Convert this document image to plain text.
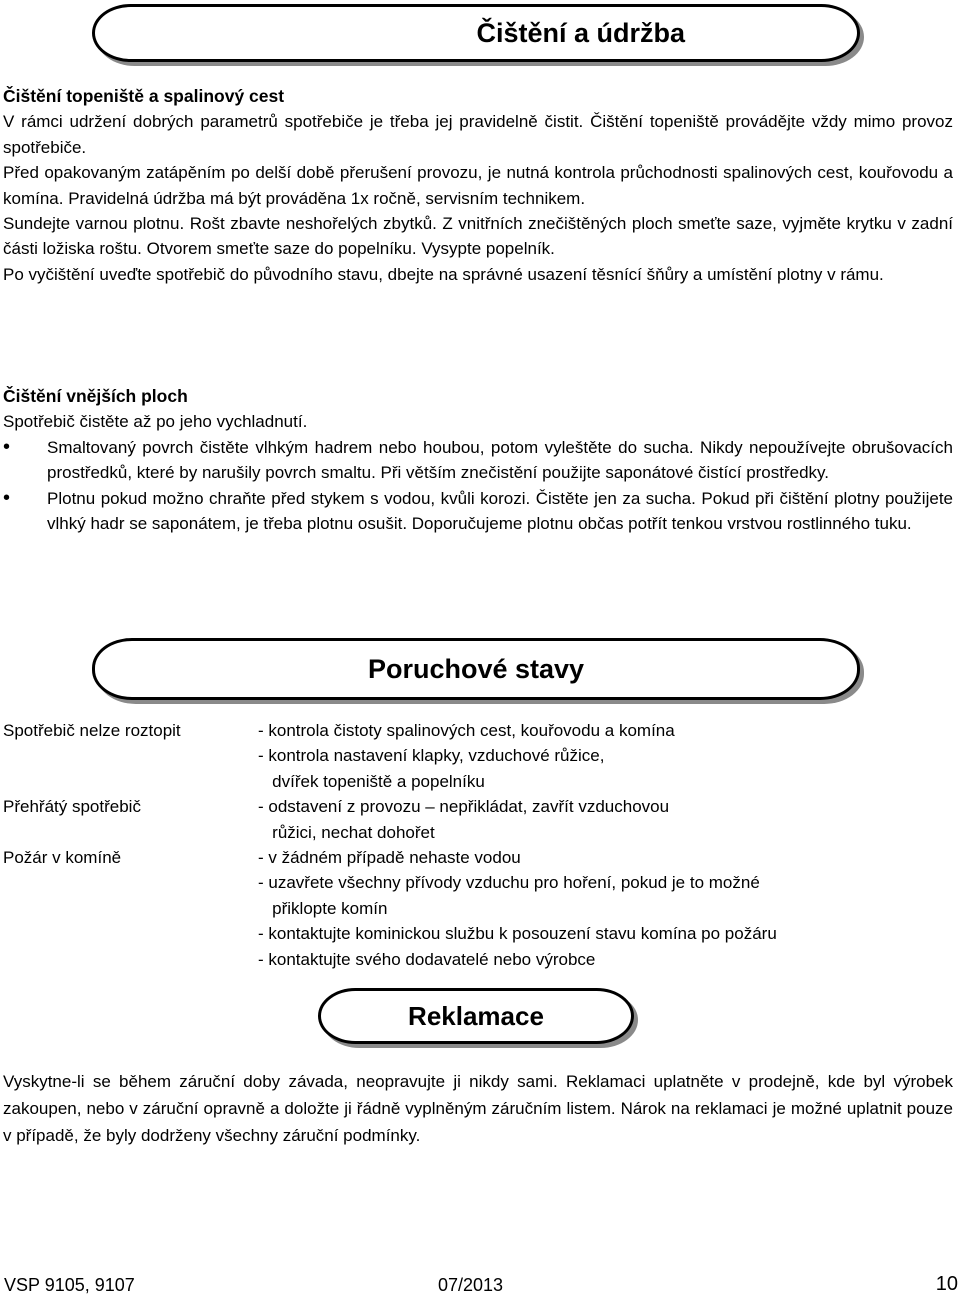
Čištění a údržba
Čištění topeniště a spalinový cest

V rámci udržení dobrých parametrů spotřebiče je třeba jej pravidelně čistit. Čištění topeniště provádějte vždy mimo provoz spotřebiče.

Před opakovaným zatápěním po delší době přerušení provozu, je nutná kontrola průchodnosti spalinových cest, kouřovodu a komína. Pravidelná údržba má být prováděna 1x ročně, servisním technikem.

Sundejte varnou plotnu. Rošt zbavte neshořelých zbytků. Z vnitřních znečištěných ploch smeťte saze, vyjměte krytku v zadní části ložiska roštu. Otvorem smeťte saze do popelníku. Vysypte popelník.

Po vyčištění uveďte spotřebič do původního stavu, dbejte na správné usazení těsnící šňůry a umístění plotny v rámu.

Čištění vnějších ploch

Spotřebič čistěte až po jeho vychladnutí.

• Smaltovaný povrch čistěte vlhkým hadrem nebo houbou, potom vyleštěte do sucha. Nikdy nepoužívejte obrušovacích prostředků, které by narušily povrch smaltu. Při větším znečistění použijte saponátové čistící prostředky.
• Plotnu pokud možno chraňte před stykem s vodou, kvůli korozi. Čistěte jen za sucha. Pokud při čištění plotny použijete vlhký hadr se saponátem, je třeba plotnu osušit. Doporučujeme plotnu občas potřít tenkou vrstvou rostlinného tuku.
Poruchové stavy
Spotřebič nelze roztopit	- kontrola čistoty spalinových cest, kouřovodu a komína
- kontrola nastavení klapky, vzduchové růžice,
dvířek topeniště a popelníku
Přehřátý spotřebič	- odstavení z provozu – nepřikládat, zavřít vzduchovou
růžici, nechat dohořet
Požár v komíně	- v žádném případě nehaste vodou
- uzavřete všechny přívody vzduchu pro hoření, pokud je to možné
přiklopte komín
- kontaktujte kominickou službu k posouzení stavu komína po požáru
- kontaktujte svého dodavatelé nebo výrobce
Reklamace

Vyskytne-li se během záruční doby závada, neopravujte ji nikdy sami. Reklamaci uplatněte v prodejně, kde byl výrobek zakoupen, nebo v záruční opravně a doložte ji řádně vyplněným záručním listem. Nárok na reklamaci je možné uplatnit pouze v případě, že byly dodrženy všechny záruční podmínky.

VSP 9105, 9107	07/2013	10
